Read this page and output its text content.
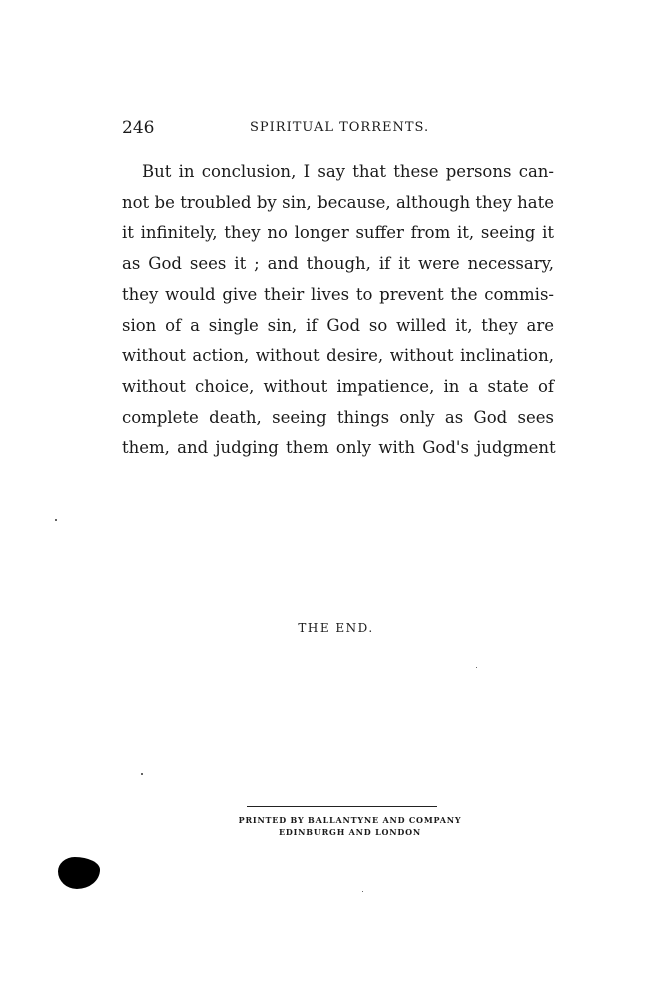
246	SPIRITUAL TORRENTS.
But in conclusion, I say that these persons can-
not be troubled by sin, because, although they hate
it infinitely, they no longer suffer from it, seeing it
as God sees it ; and though, if it were necessary,
they would give their lives to prevent the commis-
sion of a single sin, if God so willed it, they are
without action, without desire, without inclination,
without choice, without impatience, in a state of
complete death, seeing things only as God sees
them, and judging them only with God's judgment
THE END.
PRINTED BY BALLANTYNE AND COMPANY
EDINBURGH AND LONDON
